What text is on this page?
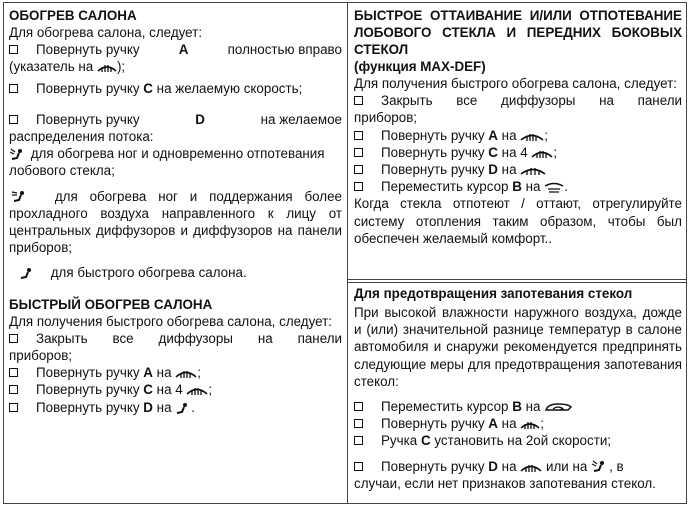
ОБОГРЕВ САЛОНА

Для обогрева салона, следует:

Повернуть ручку	A	полностью вправо

(указатель на );

Повернуть ручку C на желаемую скорость;
Повернуть ручку	D	на желаемое

распределения потока:

для обогрева ног и одновременно отпотевания лобового стекла;

для обогрева ног и поддержания более прохладного воздуха направленного к лицу от центральных диффузоров и диффузоров на панели приборов;

для быстрого обогрева салона.

БЫСТРЫЙ ОБОГРЕВ САЛОНА

Для получения быстрого обогрева салона, следует:

Закрыть все диффузоры на панели

приборов;

Повернуть ручку A на ;
Повернуть ручку C на 4 ;
Повернуть ручку D на .
БЫСТРОЕ ОТТАИВАНИЕ И/ИЛИ ОТПОТЕВАНИЕ ЛОБОВОГО СТЕКЛА И ПЕРЕДНИХ БОКОВЫХ СТЕКОЛ
(функция MAX-DEF)

Для получения быстрого обогрева салона, следует:

Закрыть все диффузоры на панели

приборов;

Повернуть ручку A на ;
Повернуть ручку C на 4 ;
Повернуть ручку D на
Переместить курсор B на .

Когда стекла отпотеют / оттают, отрегулируйте систему отопления таким образом, чтобы был обеспечен желаемый комфорт..

Для предотвращения запотевания стекол

При высокой влажности наружного воздуха, дожде и (или) значительной разнице температур в салоне автомобиля и снаружи рекомендуется предпринять следующие меры для предотвращения запотевания стекол:

Переместить курсор B на
Повернуть ручку A на ;
Ручка C установить на 2ой скорости;
Повернуть ручку D на или на , в

случаи, если нет признаков запотевания стекол.
